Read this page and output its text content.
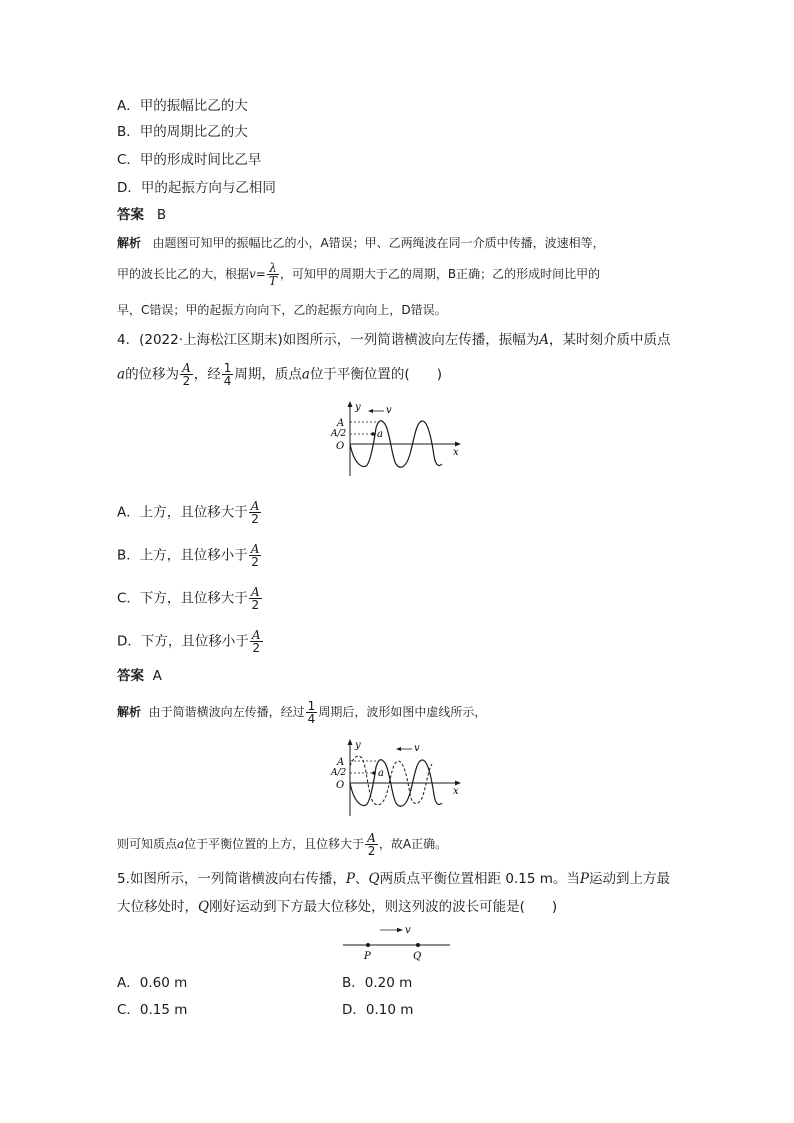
A．甲的振幅比乙的大
B．甲的周期比乙的大
C．甲的形成时间比乙早
D．甲的起振方向与乙相同
答案 B
解析 由题图可知甲的振幅比乙的小，A错误；甲、乙两绳波在同一介质中传播，波速相等，
甲的波长比乙的大，根据$v= \frac{\lambda}{T}$ ，可知甲的周期大于乙的周期，B正确；乙的形成时间比甲的
早，C错误；甲的起振方向向下，乙的起振方向向上，D错误。
4．(2022·上海松江区期末)如图所示，一列简谐横波向左传播，振幅为A，某时刻介质中质点
a的位移为 $\frac{A}{2}$ ，经 $\frac{1}{4}$ 周期，质点a位于平衡位置的(　　)
y
x
A
A/2
O
v
a
A．上方，且位移大于 $\frac{A}{2}$
B．上方，且位移小于 $\frac{A}{2}$
C．下方，且位移大于 $\frac{A}{2}$
D．下方，且位移小于 $\frac{A}{2}$
答案 A
解析 由于简谐横波向左传播，经过 $\frac{1}{4}$ 周期后，波形如图中虚线所示，
y
x
A
A/2
O
v
a
则可知质点a位于平衡位置的上方，且位移大于 $\frac{A}{2}$ ，故A正确。
5.如图所示，一列简谐横波向右传播，P、Q两质点平衡位置相距 0.15 m。当P运动到上方最
大位移处时，Q刚好运动到下方最大位移处，则这列波的波长可能是(　　)
v
P	Q
A．0.60 m	B．0.20 m
C．0.15 m	D．0.10 m
